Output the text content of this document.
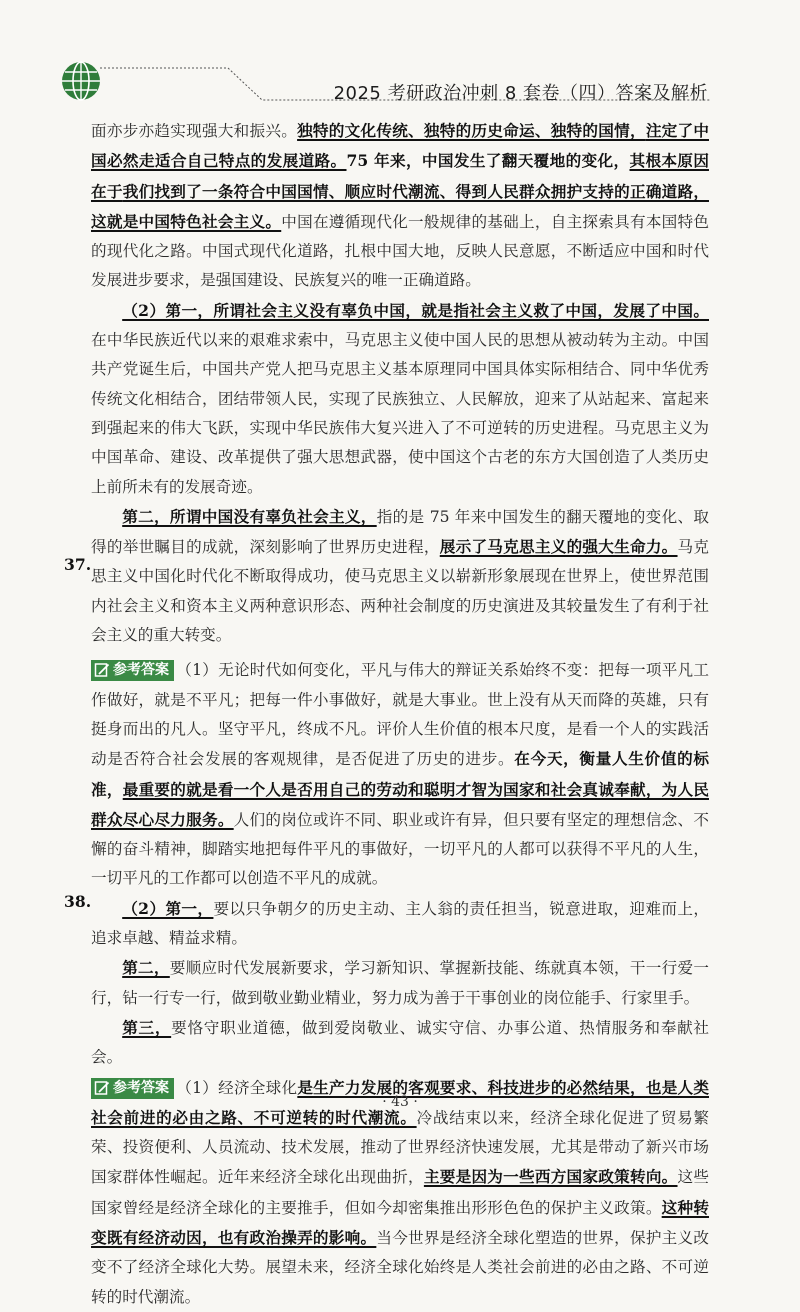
2025 考研政治冲刺 8 套卷（四）答案及解析

面亦步亦趋实现强大和振兴。独特的文化传统、独特的历史命运、独特的国情，注定了中国必然走适合自己特点的发展道路。75 年来，中国发生了翻天覆地的变化，其根本原因在于我们找到了一条符合中国国情、顺应时代潮流、得到人民群众拥护支持的正确道路，这就是中国特色社会主义。中国在遵循现代化一般规律的基础上，自主探索具有本国特色的现代化之路。中国式现代化道路，扎根中国大地，反映人民意愿，不断适应中国和时代发展进步要求，是强国建设、民族复兴的唯一正确道路。

（2）第一，所谓社会主义没有辜负中国，就是指社会主义救了中国，发展了中国。在中华民族近代以来的艰难求索中，马克思主义使中国人民的思想从被动转为主动。中国共产党诞生后，中国共产党人把马克思主义基本原理同中国具体实际相结合、同中华优秀传统文化相结合，团结带领人民，实现了民族独立、人民解放，迎来了从站起来、富起来到强起来的伟大飞跃，实现中华民族伟大复兴进入了不可逆转的历史进程。马克思主义为中国革命、建设、改革提供了强大思想武器，使中国这个古老的东方大国创造了人类历史上前所未有的发展奇迹。

第二，所谓中国没有辜负社会主义，指的是 75 年来中国发生的翻天覆地的变化、取得的举世瞩目的成就，深刻影响了世界历史进程，展示了马克思主义的强大生命力。马克思主义中国化时代化不断取得成功，使马克思主义以崭新形象展现在世界上，使世界范围内社会主义和资本主义两种意识形态、两种社会制度的历史演进及其较量发生了有利于社会主义的重大转变。

参考答案 （1）无论时代如何变化，平凡与伟大的辩证关系始终不变：把每一项平凡工作做好，就是不平凡；把每一件小事做好，就是大事业。世上没有从天而降的英雄，只有挺身而出的凡人。坚守平凡，终成不凡。评价人生价值的根本尺度，是看一个人的实践活动是否符合社会发展的客观规律，是否促进了历史的进步。在今天，衡量人生价值的标准，最重要的就是看一个人是否用自己的劳动和聪明才智为国家和社会真诚奉献，为人民群众尽心尽力服务。人们的岗位或许不同、职业或许有异，但只要有坚定的理想信念、不懈的奋斗精神，脚踏实地把每件平凡的事做好，一切平凡的人都可以获得不平凡的人生，一切平凡的工作都可以创造不平凡的成就。

（2）第一，要以只争朝夕的历史主动、主人翁的责任担当，锐意进取，迎难而上，追求卓越、精益求精。

第二，要顺应时代发展新要求，学习新知识、掌握新技能、练就真本领，干一行爱一行，钻一行专一行，做到敬业勤业精业，努力成为善于干事创业的岗位能手、行家里手。

第三，要恪守职业道德，做到爱岗敬业、诚实守信、办事公道、热情服务和奉献社会。

参考答案 （1）经济全球化是生产力发展的客观要求、科技进步的必然结果，也是人类社会前进的必由之路、不可逆转的时代潮流。冷战结束以来，经济全球化促进了贸易繁荣、投资便利、人员流动、技术发展，推动了世界经济快速发展，尤其是带动了新兴市场国家群体性崛起。近年来经济全球化出现曲折，主要是因为一些西方国家政策转向。这些国家曾经是经济全球化的主要推手，但如今却密集推出形形色色的保护主义政策。这种转变既有经济动因，也有政治操弄的影响。当今世界是经济全球化塑造的世界，保护主义改变不了经济全球化大势。展望未来，经济全球化始终是人类社会前进的必由之路、不可逆转的时代潮流。

37.
38.
· 43 ·
